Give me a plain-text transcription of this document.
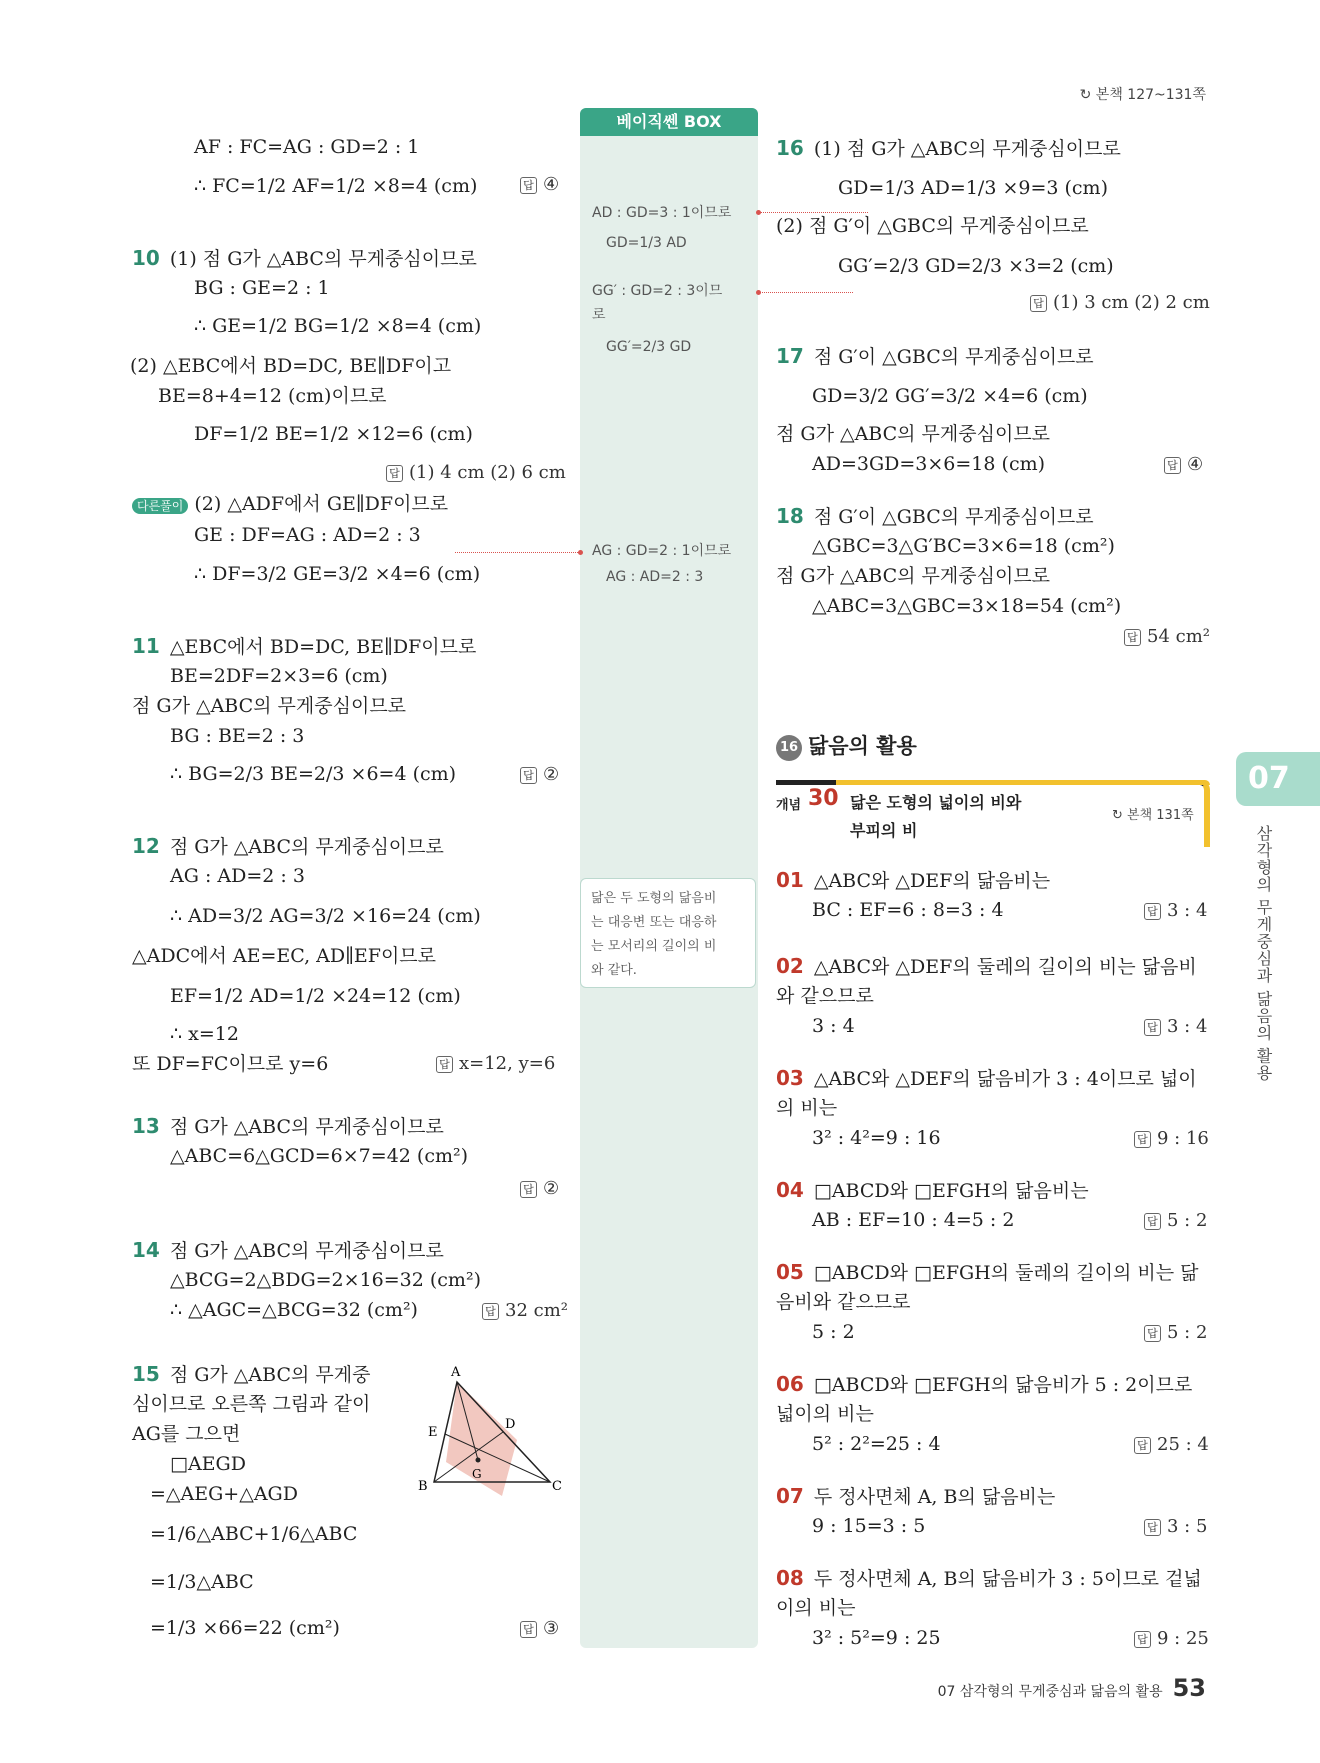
↻ 본책 127~131쪽
베이직쎈 BOX
AD : GD=3 : 1이므로
GD=1/3 AD
GG′ : GD=2 : 3이므
로
GG′=2/3 GD
AG : GD=2 : 1이므로
AG : AD=2 : 3
닮은 두 도형의 닮음비
는 대응변 또는 대응하
는 모서리의 길이의 비
와 같다.
AF : FC=AG : GD=2 : 1
∴ FC=1/2 AF=1/2 ×8=4 (cm)	답 ④
10 (1) 점 G가 △ABC의 무게중심이므로
BG : GE=2 : 1
∴ GE=1/2 BG=1/2 ×8=4 (cm)
(2) △EBC에서 BD=DC, BE∥DF이고
BE=8+4=12 (cm)이므로
DF=1/2 BE=1/2 ×12=6 (cm)
답 (1) 4 cm (2) 6 cm
다른풀이 (2) △ADF에서 GE∥DF이므로
GE : DF=AG : AD=2 : 3
∴ DF=3/2 GE=3/2 ×4=6 (cm)
11 △EBC에서 BD=DC, BE∥DF이므로
BE=2DF=2×3=6 (cm)
점 G가 △ABC의 무게중심이므로
BG : BE=2 : 3
∴ BG=2/3 BE=2/3 ×6=4 (cm)	답 ②
12 점 G가 △ABC의 무게중심이므로
AG : AD=2 : 3
∴ AD=3/2 AG=3/2 ×16=24 (cm)
△ADC에서 AE=EC, AD∥EF이므로
EF=1/2 AD=1/2 ×24=12 (cm)
∴ x=12
또 DF=FC이므로 y=6	답 x=12, y=6
13 점 G가 △ABC의 무게중심이므로
△ABC=6△GCD=6×7=42 (cm²)
답 ②
14 점 G가 △ABC의 무게중심이므로
△BCG=2△BDG=2×16=32 (cm²)
∴ △AGC=△BCG=32 (cm²)	답 32 cm²
15 점 G가 △ABC의 무게중
심이므로 오른쪽 그림과 같이
AG를 그으면
□AEGD
=△AEG+△AGD
=1/6△ABC+1/6△ABC
=1/3△ABC
=1/3 ×66=22 (cm²)	답 ③
A
E
D
G
B	C
16 (1) 점 G가 △ABC의 무게중심이므로
GD=1/3 AD=1/3 ×9=3 (cm)
(2) 점 G′이 △GBC의 무게중심이므로
GG′=2/3 GD=2/3 ×3=2 (cm)
답 (1) 3 cm (2) 2 cm
17 점 G′이 △GBC의 무게중심이므로
GD=3/2 GG′=3/2 ×4=6 (cm)
점 G가 △ABC의 무게중심이므로
AD=3GD=3×6=18 (cm)	답 ④
18 점 G′이 △GBC의 무게중심이므로
△GBC=3△G′BC=3×6=18 (cm²)
점 G가 △ABC의 무게중심이므로
△ABC=3△GBC=3×18=54 (cm²)
답 54 cm²
16 닮음의 활용
개념 30 닮은 도형의 넓이의 비와
부피의 비
↻ 본책 131쪽
01 △ABC와 △DEF의 닮음비는
BC : EF=6 : 8=3 : 4	답 3 : 4
02 △ABC와 △DEF의 둘레의 길이의 비는 닮음비
와 같으므로
3 : 4	답 3 : 4
03 △ABC와 △DEF의 닮음비가 3 : 4이므로 넓이
의 비는
3² : 4²=9 : 16	답 9 : 16
04 □ABCD와 □EFGH의 닮음비는
AB : EF=10 : 4=5 : 2	답 5 : 2
05 □ABCD와 □EFGH의 둘레의 길이의 비는 닮
음비와 같으므로
5 : 2	답 5 : 2
06 □ABCD와 □EFGH의 닮음비가 5 : 2이므로
넓이의 비는
5² : 2²=25 : 4	답 25 : 4
07 두 정사면체 A, B의 닮음비는
9 : 15=3 : 5	답 3 : 5
08 두 정사면체 A, B의 닮음비가 3 : 5이므로 겉넓
이의 비는
3² : 5²=9 : 25	답 9 : 25
07
삼각형의 무게중심과 닮음의 활용
07 삼각형의 무게중심과 닮음의 활용 53
